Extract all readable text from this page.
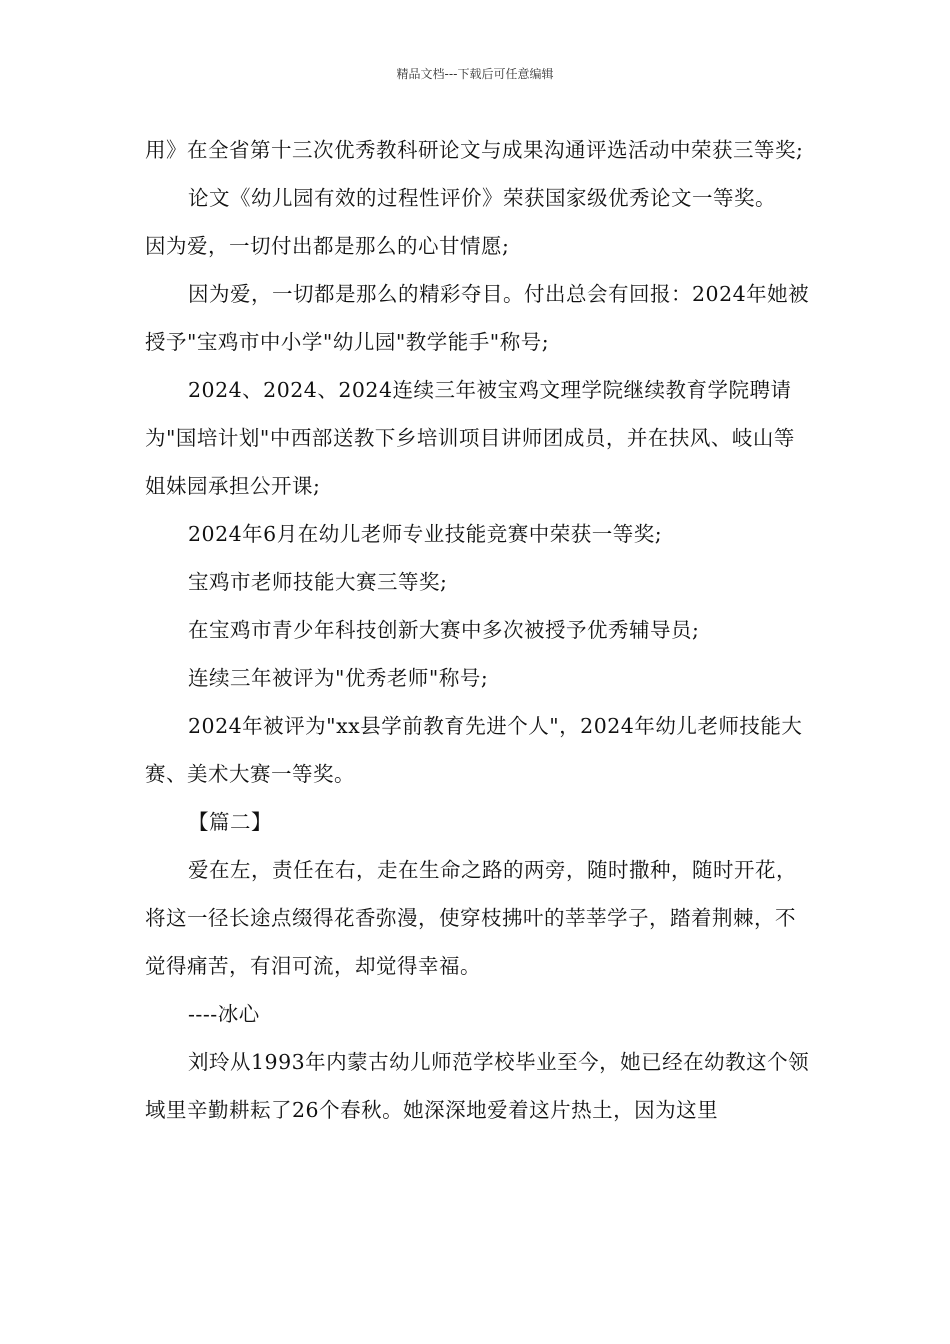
精品文档---下载后可任意编辑

用》在全省第十三次优秀教科研论文与成果沟通评选活动中荣获三等奖;

论文《幼儿园有效的过程性评价》荣获国家级优秀论文一等奖。

因为爱，一切付出都是那么的心甘情愿;

因为爱，一切都是那么的精彩夺目。付出总会有回报：2024年她被授予"宝鸡市中小学"幼儿园"教学能手"称号;

2024、2024、2024连续三年被宝鸡文理学院继续教育学院聘请为"国培计划"中西部送教下乡培训项目讲师团成员，并在扶风、岐山等姐妹园承担公开课;

2024年6月在幼儿老师专业技能竞赛中荣获一等奖;

宝鸡市老师技能大赛三等奖;

在宝鸡市青少年科技创新大赛中多次被授予优秀辅导员;

连续三年被评为"优秀老师"称号;

2024年被评为"xx县学前教育先进个人"，2024年幼儿老师技能大赛、美术大赛一等奖。

【篇二】

爱在左，责任在右，走在生命之路的两旁，随时撒种，随时开花，将这一径长途点缀得花香弥漫，使穿枝拂叶的莘莘学子，踏着荆棘，不觉得痛苦，有泪可流，却觉得幸福。

----冰心

刘玲从1993年内蒙古幼儿师范学校毕业至今，她已经在幼教这个领域里辛勤耕耘了26个春秋。她深深地爱着这片热土，因为这里
